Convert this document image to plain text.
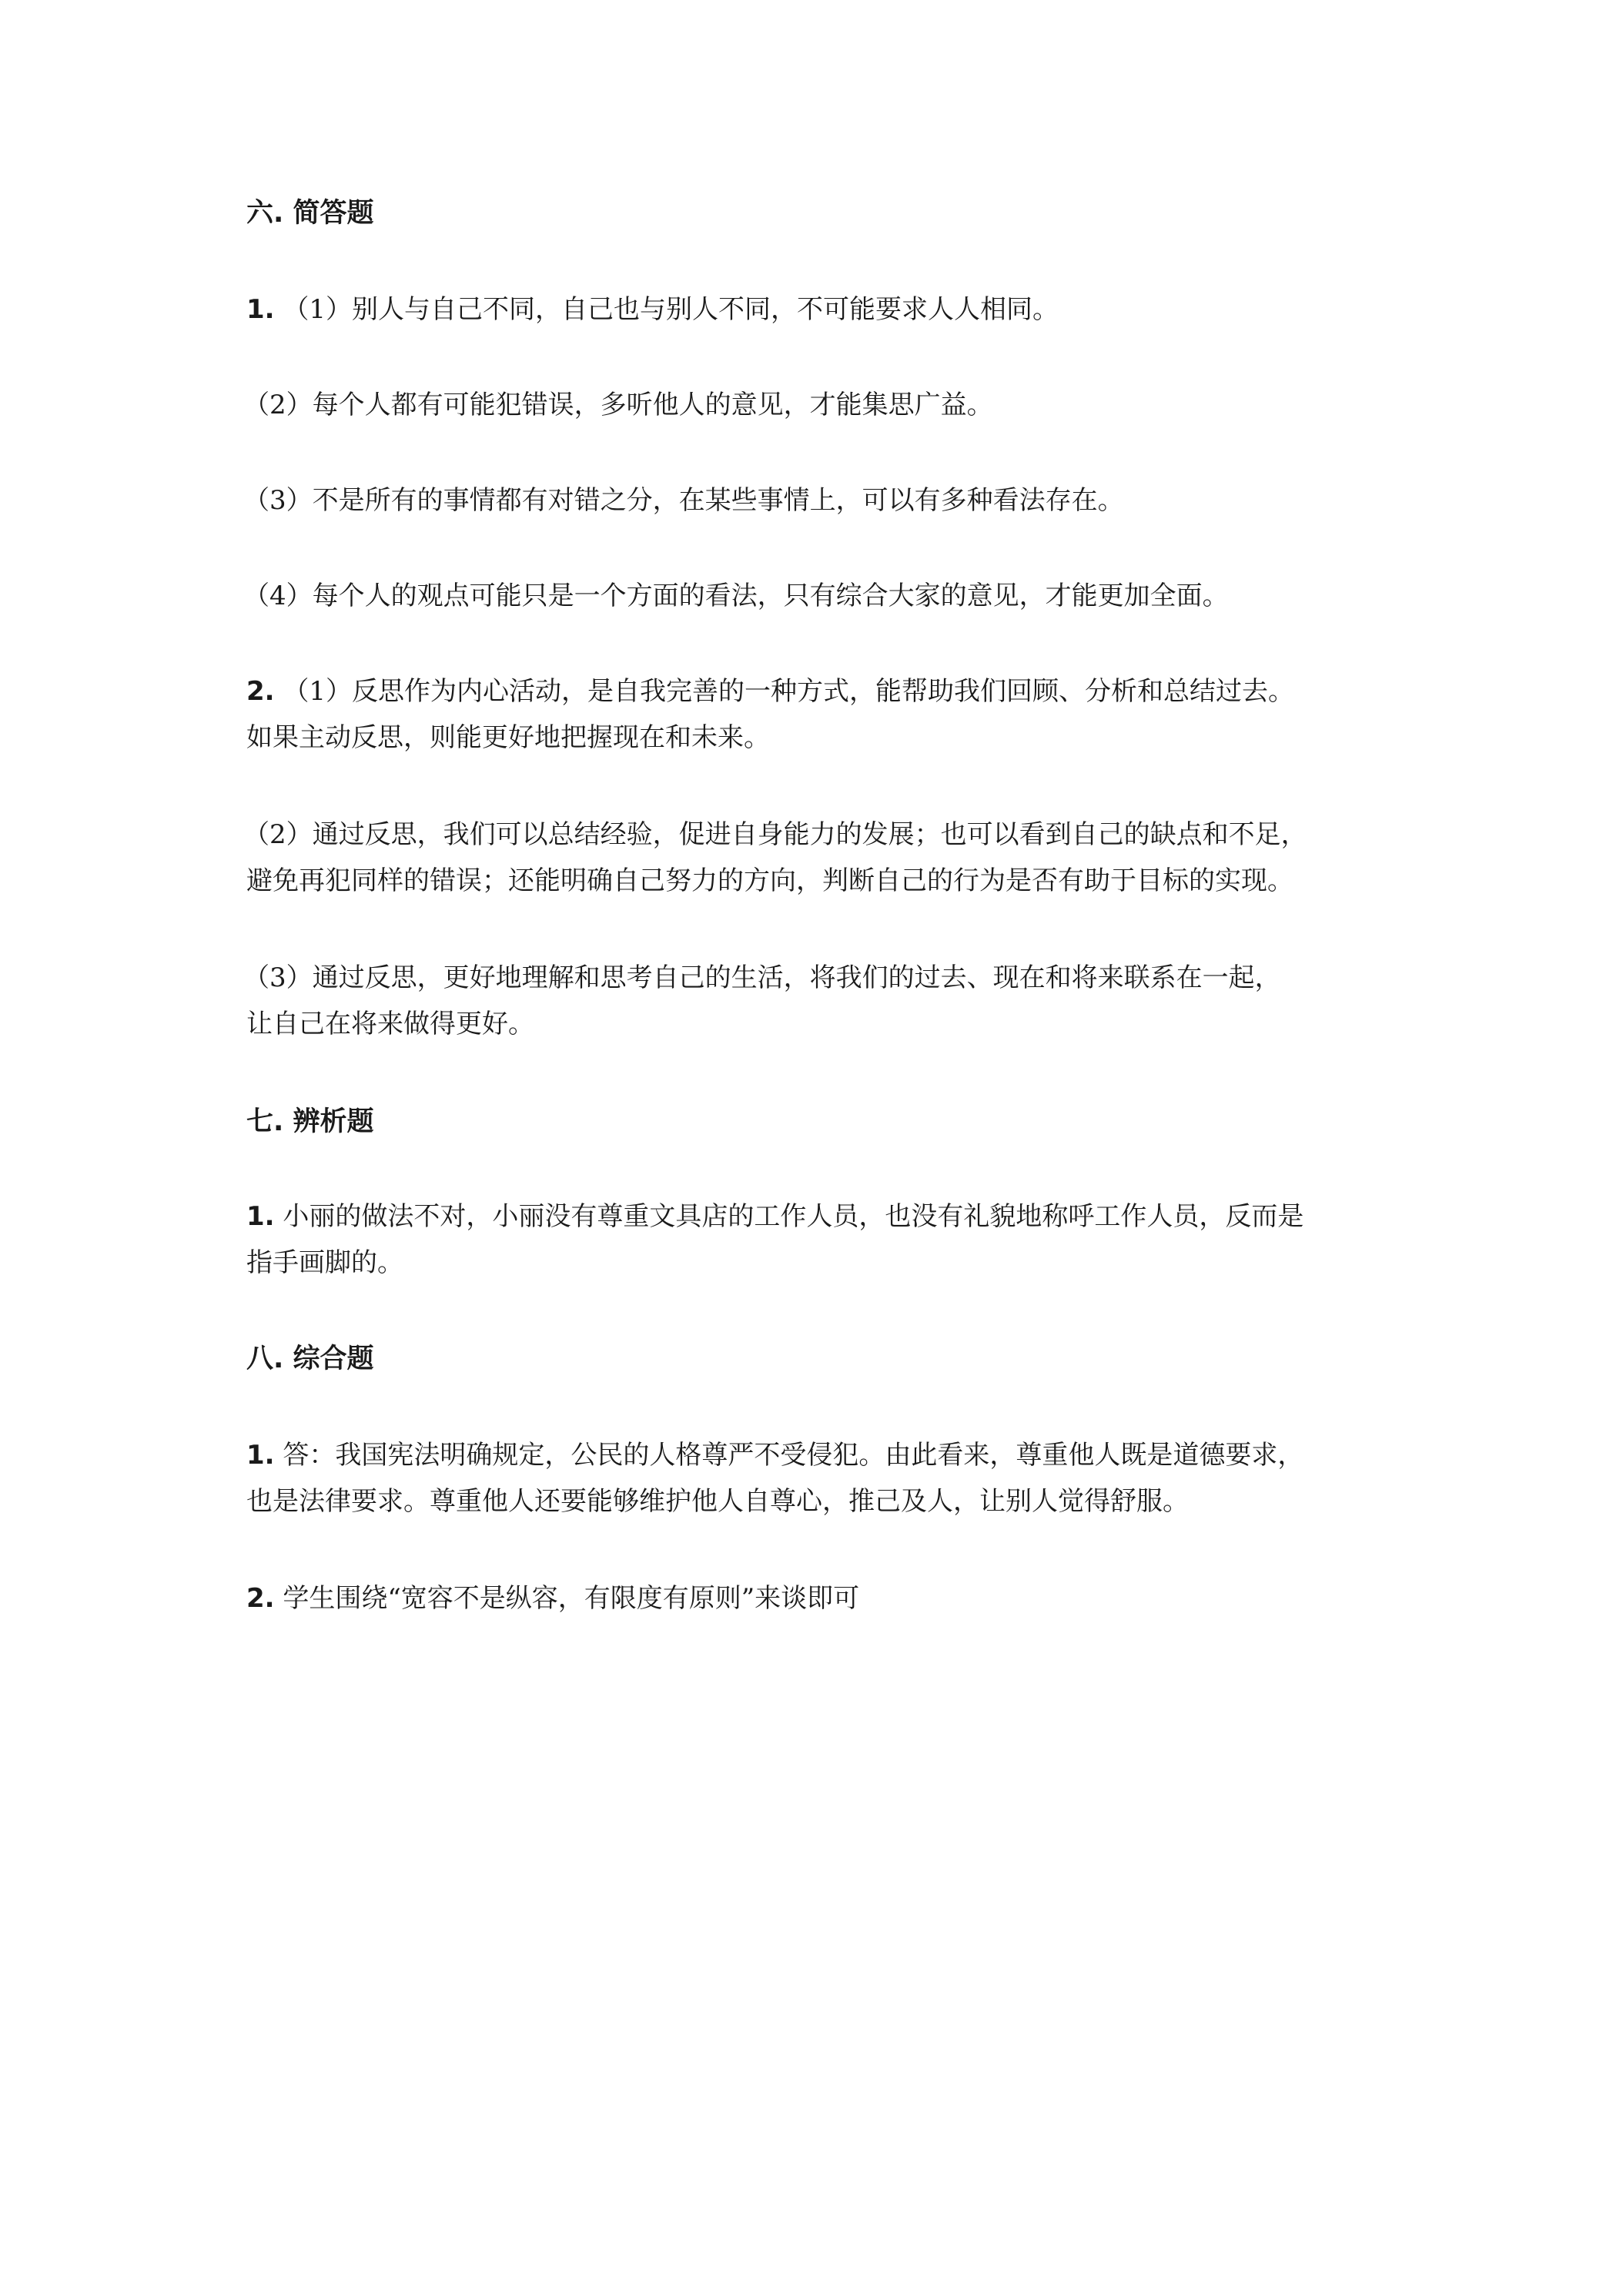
六. 简答题

1. （1）别人与自己不同，自己也与别人不同，不可能要求人人相同。

（2）每个人都有可能犯错误，多听他人的意见，才能集思广益。

（3）不是所有的事情都有对错之分，在某些事情上，可以有多种看法存在。

（4）每个人的观点可能只是一个方面的看法，只有综合大家的意见，才能更加全面。

2. （1）反思作为内心活动，是自我完善的一种方式，能帮助我们回顾、分析和总结过去。

如果主动反思，则能更好地把握现在和未来。

（2）通过反思，我们可以总结经验，促进自身能力的发展；也可以看到自己的缺点和不足，

避免再犯同样的错误；还能明确自己努力的方向，判断自己的行为是否有助于目标的实现。

（3）通过反思，更好地理解和思考自己的生活，将我们的过去、现在和将来联系在一起，

让自己在将来做得更好。

七. 辨析题

1. 小丽的做法不对，小丽没有尊重文具店的工作人员，也没有礼貌地称呼工作人员，反而是

指手画脚的。

八. 综合题

1. 答：我国宪法明确规定，公民的人格尊严不受侵犯。由此看来，尊重他人既是道德要求，

也是法律要求。尊重他人还要能够维护他人自尊心，推己及人，让别人觉得舒服。

2. 学生围绕“宽容不是纵容，有限度有原则”来谈即可
